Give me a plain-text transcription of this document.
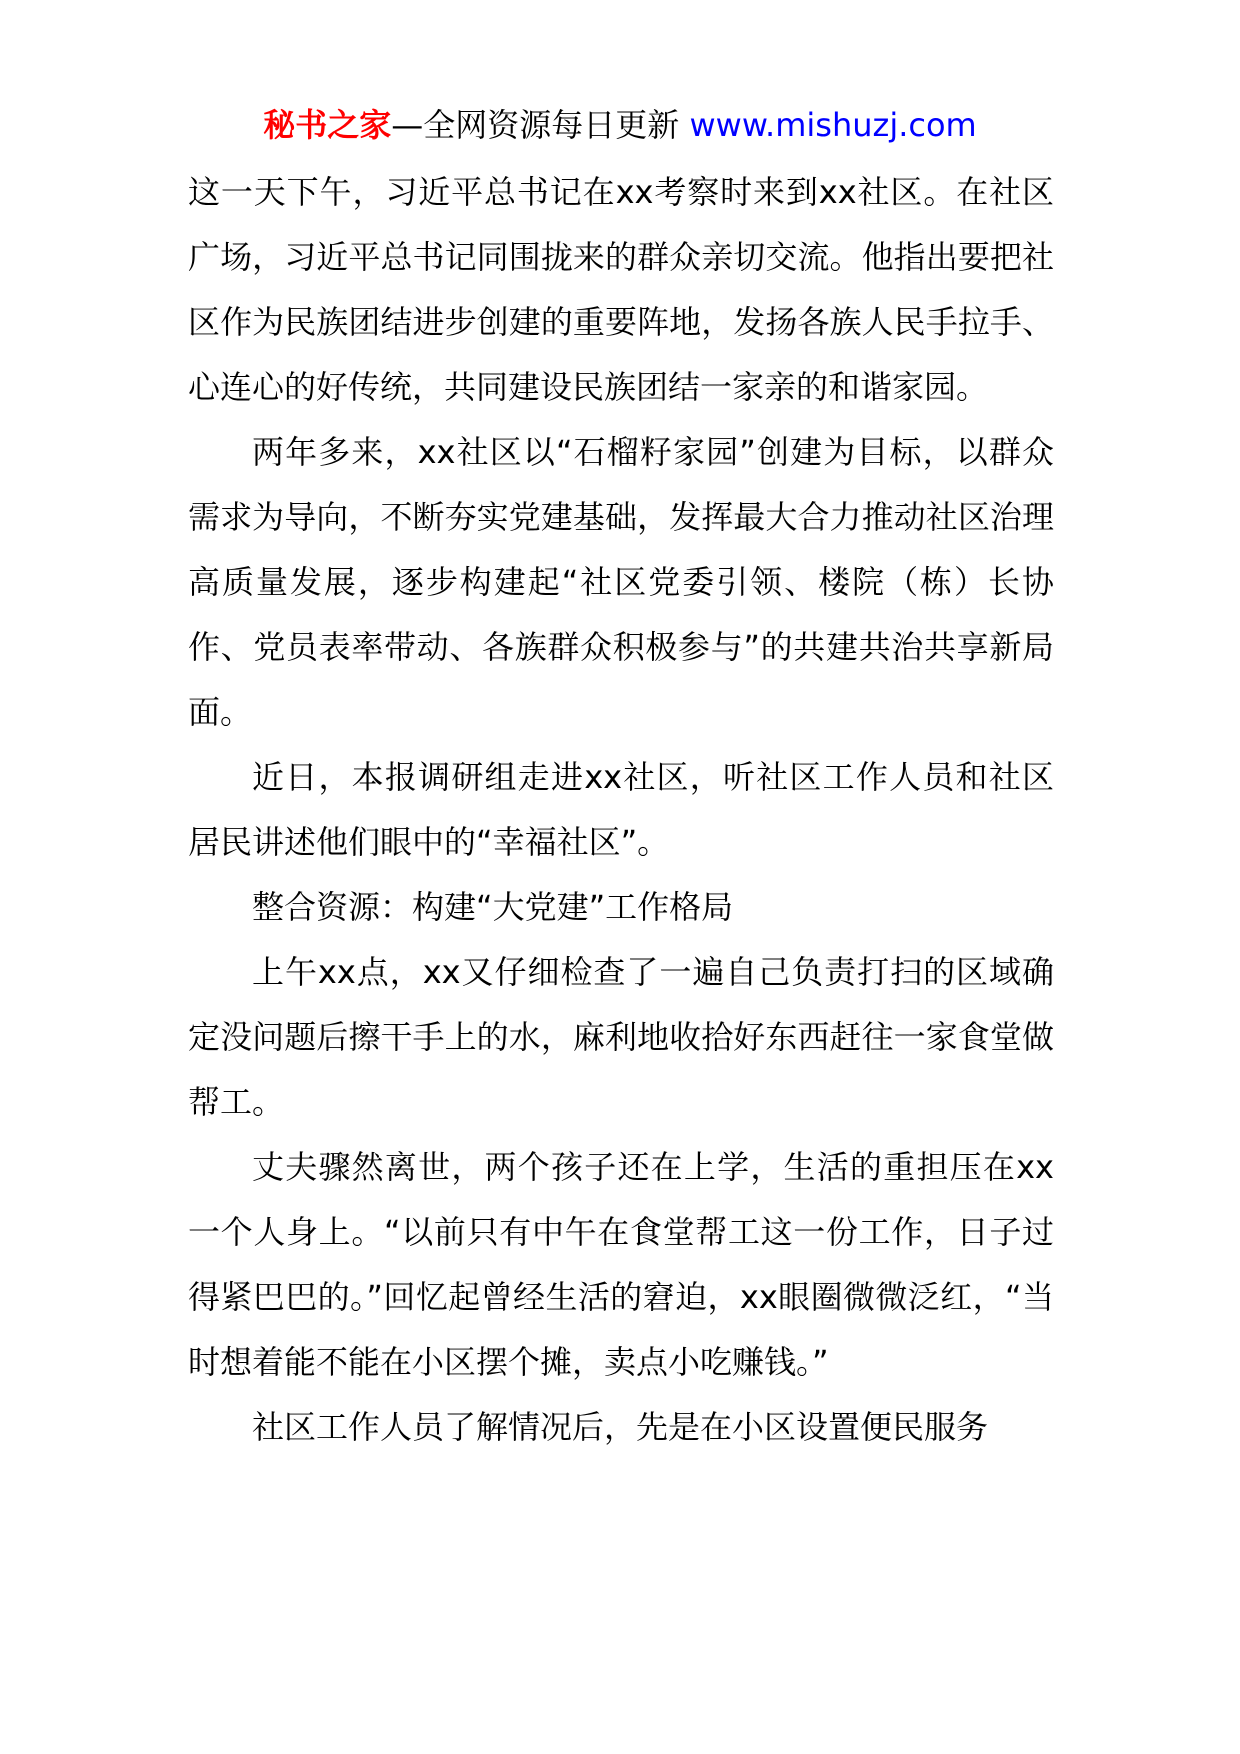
秘书之家—全网资源每日更新 www.mishuzj.com

这一天下午，习近平总书记在xx考察时来到xx社区。在社区广场，习近平总书记同围拢来的群众亲切交流。他指出要把社区作为民族团结进步创建的重要阵地，发扬各族人民手拉手、心连心的好传统，共同建设民族团结一家亲的和谐家园。

两年多来，xx社区以“石榴籽家园”创建为目标，以群众需求为导向，不断夯实党建基础，发挥最大合力推动社区治理高质量发展，逐步构建起“社区党委引领、楼院（栋）长协作、党员表率带动、各族群众积极参与”的共建共治共享新局面。

近日，本报调研组走进xx社区，听社区工作人员和社区居民讲述他们眼中的“幸福社区”。

整合资源：构建“大党建”工作格局

上午xx点，xx又仔细检查了一遍自己负责打扫的区域确定没问题后擦干手上的水，麻利地收拾好东西赶往一家食堂做帮工。

丈夫骤然离世，两个孩子还在上学，生活的重担压在xx一个人身上。“以前只有中午在食堂帮工这一份工作，日子过得紧巴巴的。”回忆起曾经生活的窘迫，xx眼圈微微泛红，“当时想着能不能在小区摆个摊，卖点小吃赚钱。”

社区工作人员了解情况后，先是在小区设置便民服务
